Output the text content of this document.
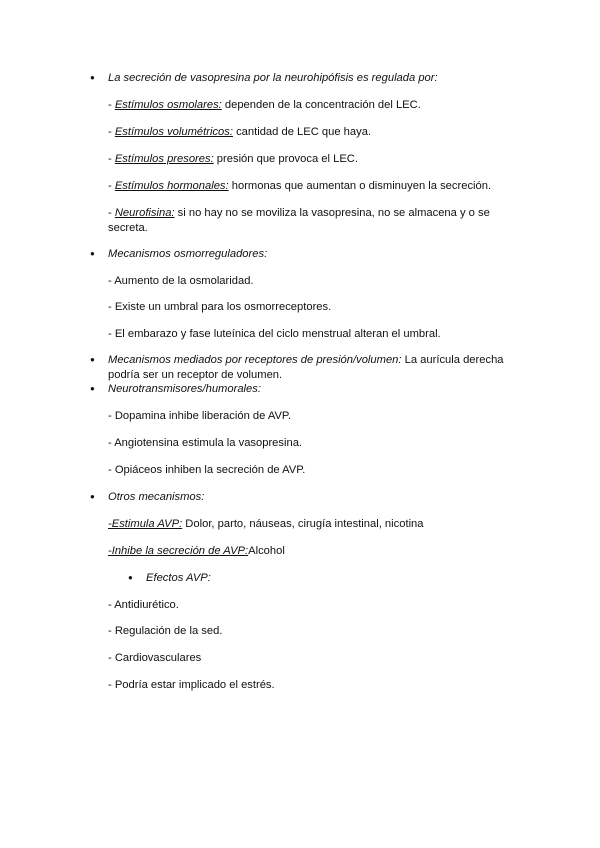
● La secreción de vasopresina por la neurohipófisis es regulada por:
- Estímulos osmolares: dependen de la concentración del LEC.
- Estímulos volumétricos: cantidad de LEC que haya.
- Estímulos presores: presión que provoca el LEC.
- Estímulos hormonales: hormonas que aumentan o disminuyen la secreción.
- Neurofisina: si no hay no se moviliza la vasopresina, no se almacena y o se
secreta.
● Mecanismos osmorreguladores:
- Aumento de la osmolaridad.
- Existe un umbral para los osmorreceptores.
- El embarazo y fase luteínica del ciclo menstrual alteran el umbral.
● Mecanismos mediados por receptores de presión/volumen: La aurícula derecha
podría ser un receptor de volumen.
● Neurotransmisores/humorales:
- Dopamina inhibe liberación de AVP.
- Angiotensina estimula la vasopresina.
- Opiáceos inhiben la secreción de AVP.
● Otros mecanismos:
-Estimula AVP: Dolor, parto, náuseas, cirugía intestinal, nicotina
-Inhibe la secreción de AVP:Alcohol
● Efectos AVP:
- Antidiurético.
- Regulación de la sed.
- Cardiovasculares
- Podría estar implicado el estrés.
